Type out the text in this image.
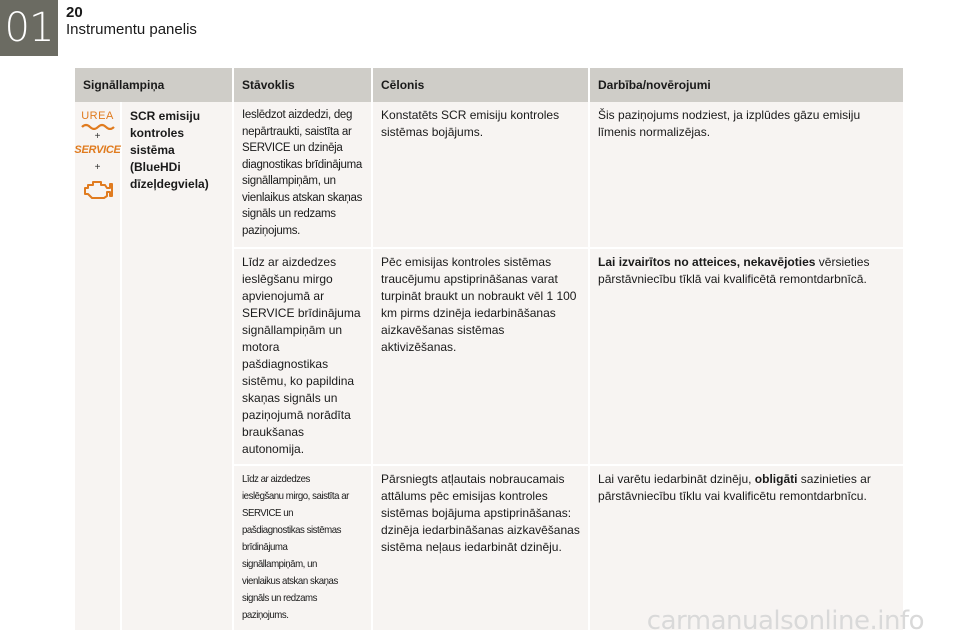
01 20
Instrumentu panelis
Signāllampiņa		Stāvoklis	Cēlonis	Darbība/novērojumi

UREA
+
SERVICE
+	SCR emisiju kontroles sistēma (BlueHDi dīzeļdegviela)	Ieslēdzot aizdedzi, deg nepārtraukti, saistīta ar SERVICE un dzinēja diagnostikas brīdinājuma signāllampiņām, un vienlaikus atskan skaņas signāls un redzams paziņojums.	Konstatēts SCR emisiju kontroles sistēmas bojājums.	Šis paziņojums nodziest, ja izplūdes gāzu emisiju līmenis normalizējas.
		Līdz ar aizdedzes ieslēgšanu mirgo apvienojumā ar SERVICE brīdinājuma signāllampiņām un motora pašdiagnostikas sistēmu, ko papildina skaņas signāls un paziņojumā norādīta braukšanas autonomija.	Pēc emisijas kontroles sistēmas traucējumu apstiprināšanas varat turpināt braukt un nobraukt vēl 1 100 km pirms dzinēja iedarbināšanas aizkavēšanas sistēmas aktivizēšanas.	Lai izvairītos no atteices, nekavējoties vērsieties pārstāvniecību tīklā vai kvalificētā remontdarbnīcā.

		Līdz ar aizdedzes ieslēgšanu mirgo, saistīta ar SERVICE un pašdiagnostikas sistēmas brīdinājuma signāllampiņām, un vienlaikus atskan skaņas signāls un redzams paziņojums.	Pārsniegts atļautais nobraucamais attālums pēc emisijas kontroles sistēmas bojājuma apstiprināšanas: dzinēja iedarbināšanas aizkavēšanas sistēma neļaus iedarbināt dzinēju.	Lai varētu iedarbināt dzinēju, obligāti sazinieties ar pārstāvniecību tīklu vai kvalificētu remontdarbnīcu.
carmanualsonline.info
